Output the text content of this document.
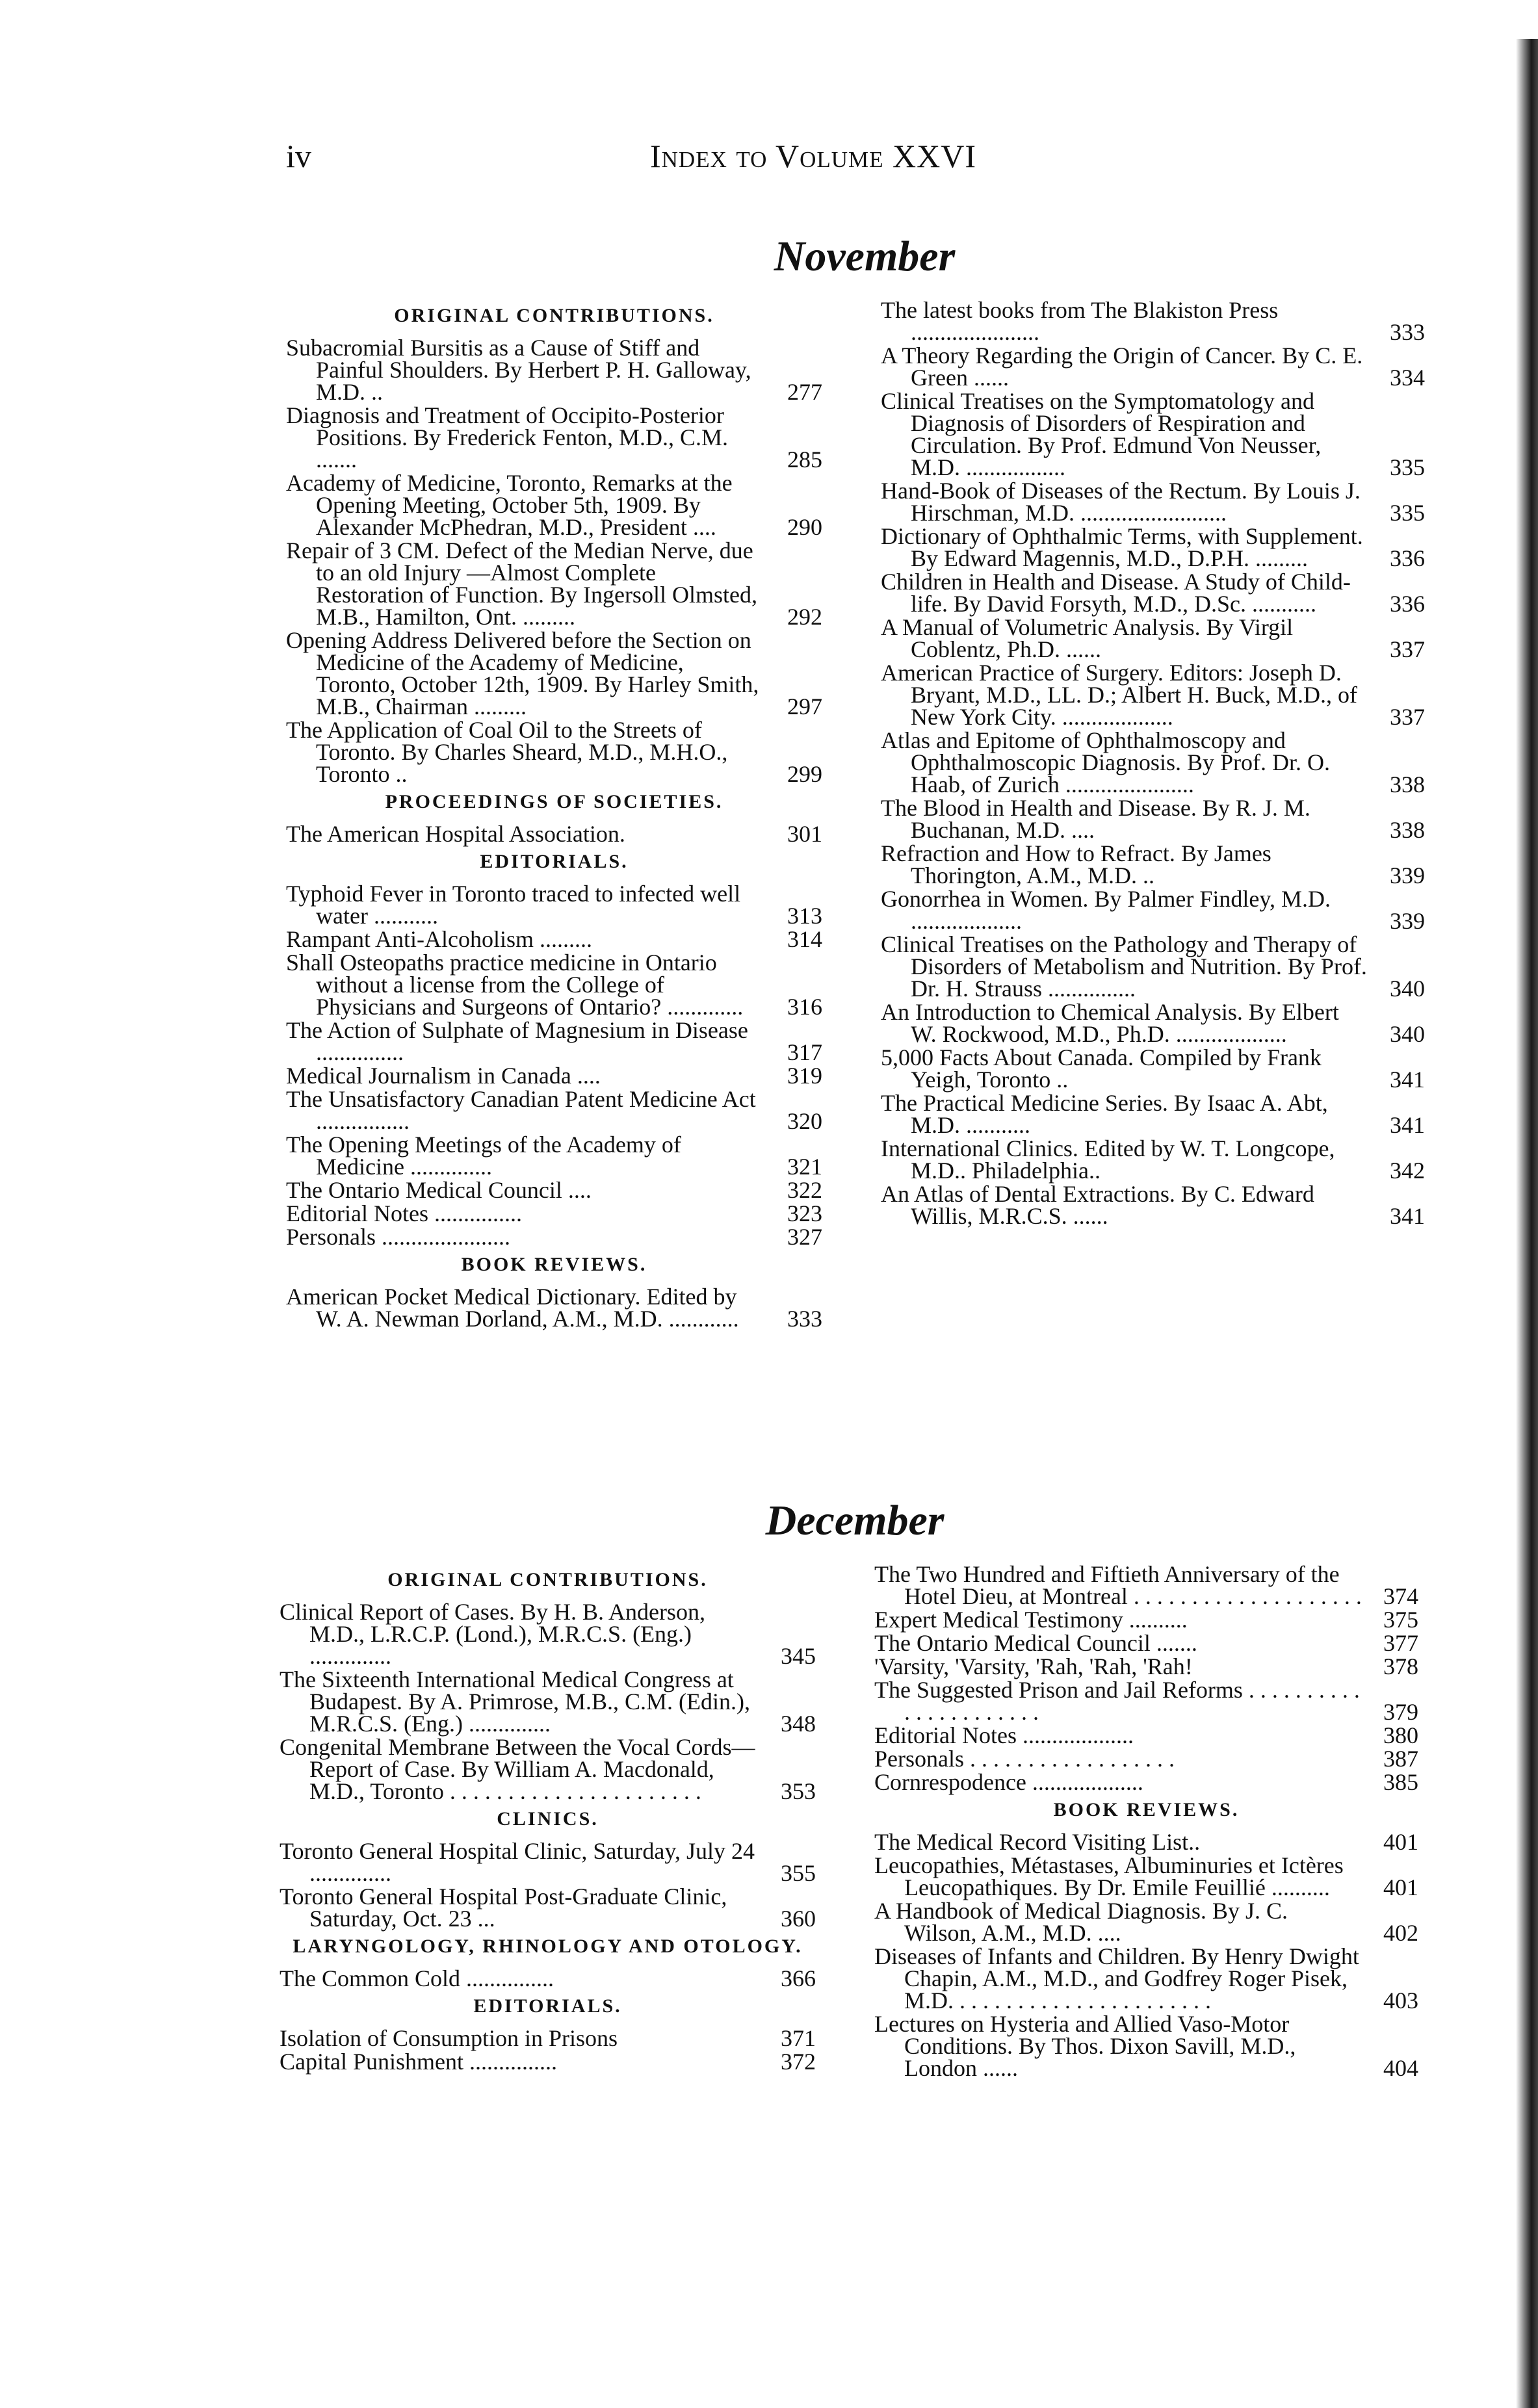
iv	Index to Volume XXVI
November
ORIGINAL CONTRIBUTIONS.
Subacromial Bursitis as a Cause of Stiff and Painful Shoulders. By Herbert P. H. Galloway, M.D. ..	277
Diagnosis and Treatment of Occipito-Posterior Positions. By Frederick Fenton, M.D., C.M. .......	285
Academy of Medicine, Toronto, Remarks at the Opening Meeting, October 5th, 1909. By Alexander McPhedran, M.D., President ....	290
Repair of 3 CM. Defect of the Median Nerve, due to an old Injury —Almost Complete Restoration of Function. By Ingersoll Olmsted, M.B., Hamilton, Ont. .........	292
Opening Address Delivered before the Section on Medicine of the Academy of Medicine, Toronto, October 12th, 1909. By Harley Smith, M.B., Chairman .........	297
The Application of Coal Oil to the Streets of Toronto. By Charles Sheard, M.D., M.H.O., Toronto ..	299
PROCEEDINGS OF SOCIETIES.
The American Hospital Association.	301
EDITORIALS.
Typhoid Fever in Toronto traced to infected well water ...........	313
Rampant Anti-Alcoholism .........	314
Shall Osteopaths practice medicine in Ontario without a license from the College of Physicians and Surgeons of Ontario? ............. 316
The Action of Sulphate of Magnesium in Disease ...............	317
Medical Journalism in Canada ....	319
The Unsatisfactory Canadian Patent Medicine Act ................	320
The Opening Meetings of the Academy of Medicine ..............	321
The Ontario Medical Council ....	322
Editorial Notes ...............	323
Personals ......................	327
BOOK REVIEWS.
American Pocket Medical Dictionary. Edited by W. A. Newman Dorland, A.M., M.D. ............ 333
The latest books from The Blakiston Press ......................	333
A Theory Regarding the Origin of Cancer. By C. E. Green ......	334
Clinical Treatises on the Symptomatology and Diagnosis of Disorders of Respiration and Circulation. By Prof. Edmund Von Neusser, M.D. .................	335
Hand-Book of Diseases of the Rectum. By Louis J. Hirschman, M.D. .........................	335
Dictionary of Ophthalmic Terms, with Supplement. By Edward Magennis, M.D., D.P.H. .........	336
Children in Health and Disease. A Study of Child-life. By David Forsyth, M.D., D.Sc. ...........	336
A Manual of Volumetric Analysis. By Virgil Coblentz, Ph.D. ......	337
American Practice of Surgery. Editors: Joseph D. Bryant, M.D., LL. D.; Albert H. Buck, M.D., of New York City. ...................	337
Atlas and Epitome of Ophthalmoscopy and Ophthalmoscopic Diagnosis. By Prof. Dr. O. Haab, of Zurich ......................	338
The Blood in Health and Disease. By R. J. M. Buchanan, M.D. ....	338
Refraction and How to Refract. By James Thorington, A.M., M.D. ..	339
Gonorrhea in Women. By Palmer Findley, M.D. ...................	339
Clinical Treatises on the Pathology and Therapy of Disorders of Metabolism and Nutrition. By Prof. Dr. H. Strauss ...............	340
An Introduction to Chemical Analysis. By Elbert W. Rockwood, M.D., Ph.D. ...................	340
5,000 Facts About Canada. Compiled by Frank Yeigh, Toronto ..	341
The Practical Medicine Series. By Isaac A. Abt, M.D. ...........	341
International Clinics. Edited by W. T. Longcope, M.D.. Philadelphia..	342
An Atlas of Dental Extractions. By C. Edward Willis, M.R.C.S. ......	341
December
ORIGINAL CONTRIBUTIONS.
Clinical Report of Cases. By H. B. Anderson, M.D., L.R.C.P. (Lond.), M.R.C.S. (Eng.) ..............	345
The Sixteenth International Medical Congress at Budapest. By A. Primrose, M.B., C.M. (Edin.), M.R.C.S. (Eng.) ..............	348
Congenital Membrane Between the Vocal Cords—Report of Case. By William A. Macdonald, M.D., Toronto . . . . . . . . . . . . . . . . . . . . . .	353
CLINICS.
Toronto General Hospital Clinic, Saturday, July 24 ..............	355
Toronto General Hospital Post-Graduate Clinic, Saturday, Oct. 23 ...	360
LARYNGOLOGY, RHINOLOGY AND OTOLOGY.
The Common Cold ...............	366
EDITORIALS.
Isolation of Consumption in Prisons	371
Capital Punishment ...............	372
The Two Hundred and Fiftieth Anniversary of the Hotel Dieu, at Montreal . . . . . . . . . . . . . . . . . . . . 374
Expert Medical Testimony ..........	375
The Ontario Medical Council .......	377
'Varsity, 'Varsity, 'Rah, 'Rah, 'Rah!	378
The Suggested Prison and Jail Reforms . . . . . . . . . . . . . . . . . . . . . .	379
Editorial Notes ...................	380
Personals . . . . . . . . . . . . . . . . . .	387
Cornrespodence ...................	385
BOOK REVIEWS.
The Medical Record Visiting List..	401
Leucopathies, Métastases, Albuminuries et Ictères Leucopathiques. By Dr. Emile Feuillié .......... 401
A Handbook of Medical Diagnosis. By J. C. Wilson, A.M., M.D. ....	402
Diseases of Infants and Children. By Henry Dwight Chapin, A.M., M.D., and Godfrey Roger Pisek, M.D. . . . . . . . . . . . . . . . . . . . . . .	403
Lectures on Hysteria and Allied Vaso-Motor Conditions. By Thos. Dixon Savill, M.D., London ......	404
